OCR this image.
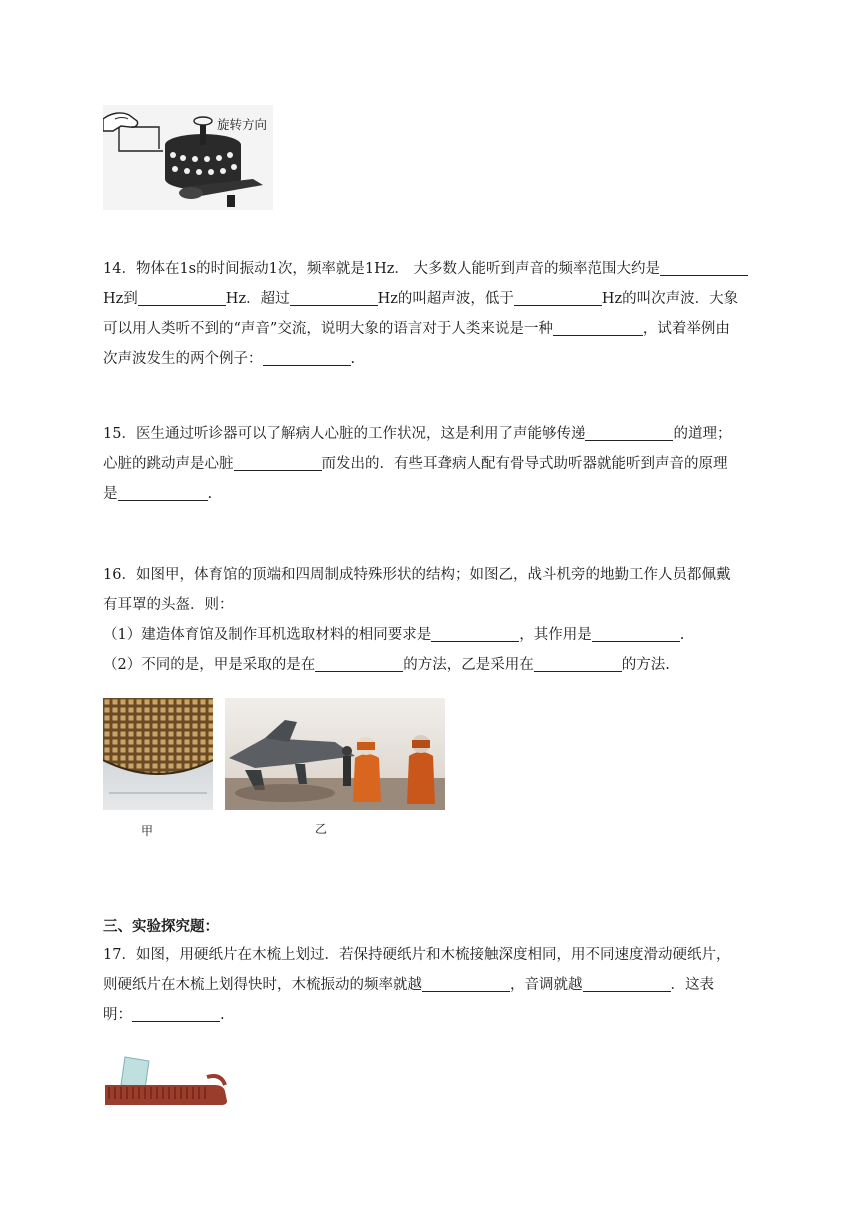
旋转方向

14．物体在1s的时间振动1次，频率就是1Hz． 大多数人能听到声音的频率范围大约是

Hz到	Hz．超过	Hz的叫超声波，低于	Hz的叫次声波．大象

可以用人类听不到的“声音”交流，说明大象的语言对于人类来说是一种	，试着举例由

次声波发生的两个例子：	.

15．医生通过听诊器可以了解病人心脏的工作状况，这是利用了声能够传递	的道理；

心脏的跳动声是心脏	而发出的．有些耳聋病人配有骨导式助听器就能听到声音的原理

是	.

16．如图甲，体育馆的顶端和四周制成特殊形状的结构；如图乙，战斗机旁的地勤工作人员都佩戴

有耳罩的头盔．则：

（1）建造体育馆及制作耳机选取材料的相同要求是	，其作用是	.

（2）不同的是，甲是采取的是在	的方法，乙是采用在	的方法.

甲	乙
三、实验探究题：

17．如图，用硬纸片在木梳上划过．若保持硬纸片和木梳接触深度相同，用不同速度滑动硬纸片，

则硬纸片在木梳上划得快时，木梳振动的频率就越	，音调就越	．这表

明：	.
